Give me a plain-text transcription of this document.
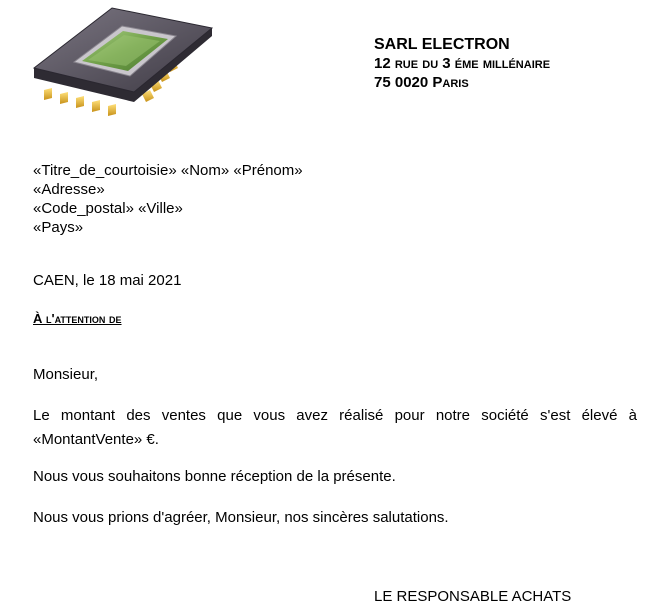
SARL ELECTRON
12 rue du 3 éme millénaire
75 0020 Paris
«Titre_de_courtoisie» «Nom» «Prénom»
«Adresse»
«Code_postal» «Ville»
«Pays»
CAEN, le 18 mai 2021
À l'attention de
Monsieur,
Le montant des ventes que vous avez réalisé pour notre société s'est élevé à «MontantVente» €.
Nous vous souhaitons bonne réception de la présente.
Nous vous prions d'agréer, Monsieur, nos sincères salutations.
LE RESPONSABLE ACHATS
